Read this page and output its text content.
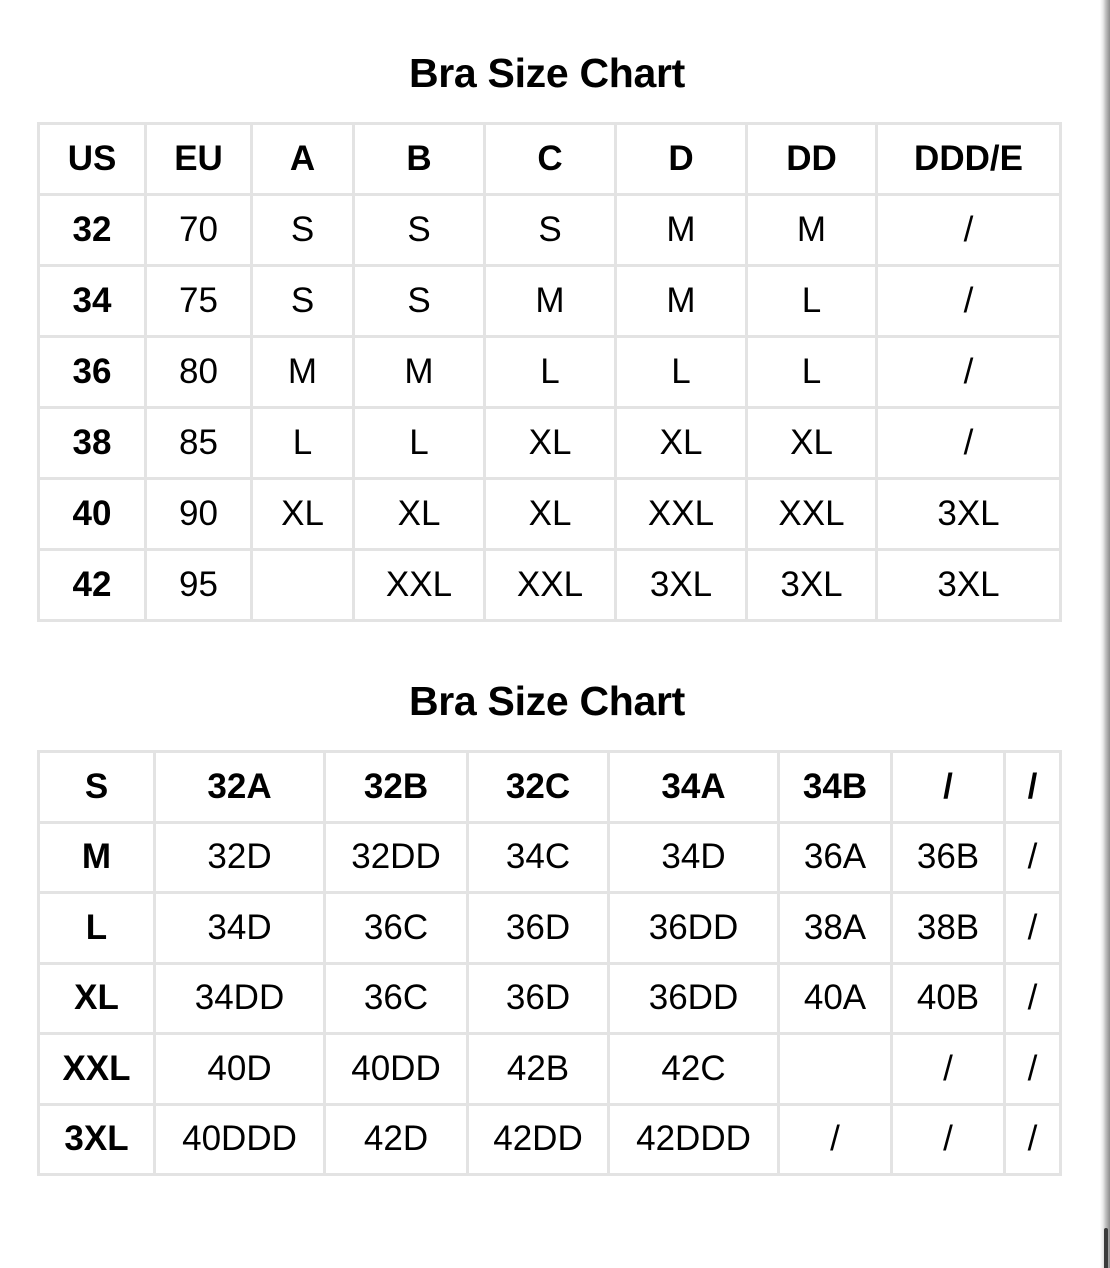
Bra Size Chart
US	EU	A	B	C	D	DD	DDD/E
32	70	S	S	S	M	M	/
34	75	S	S	M	M	L	/
36	80	M	M	L	L	L	/
38	85	L	L	XL	XL	XL	/
40	90	XL	XL	XL	XXL	XXL	3XL
42	95		XXL	XXL	3XL	3XL	3XL
Bra Size Chart
S	32A	32B	32C	34A	34B	/	/
M	32D	32DD	34C	34D	36A	36B	/
L	34D	36C	36D	36DD	38A	38B	/
XL	34DD	36C	36D	36DD	40A	40B	/
XXL	40D	40DD	42B	42C		/	/
3XL	40DDD	42D	42DD	42DDD	/	/	/
